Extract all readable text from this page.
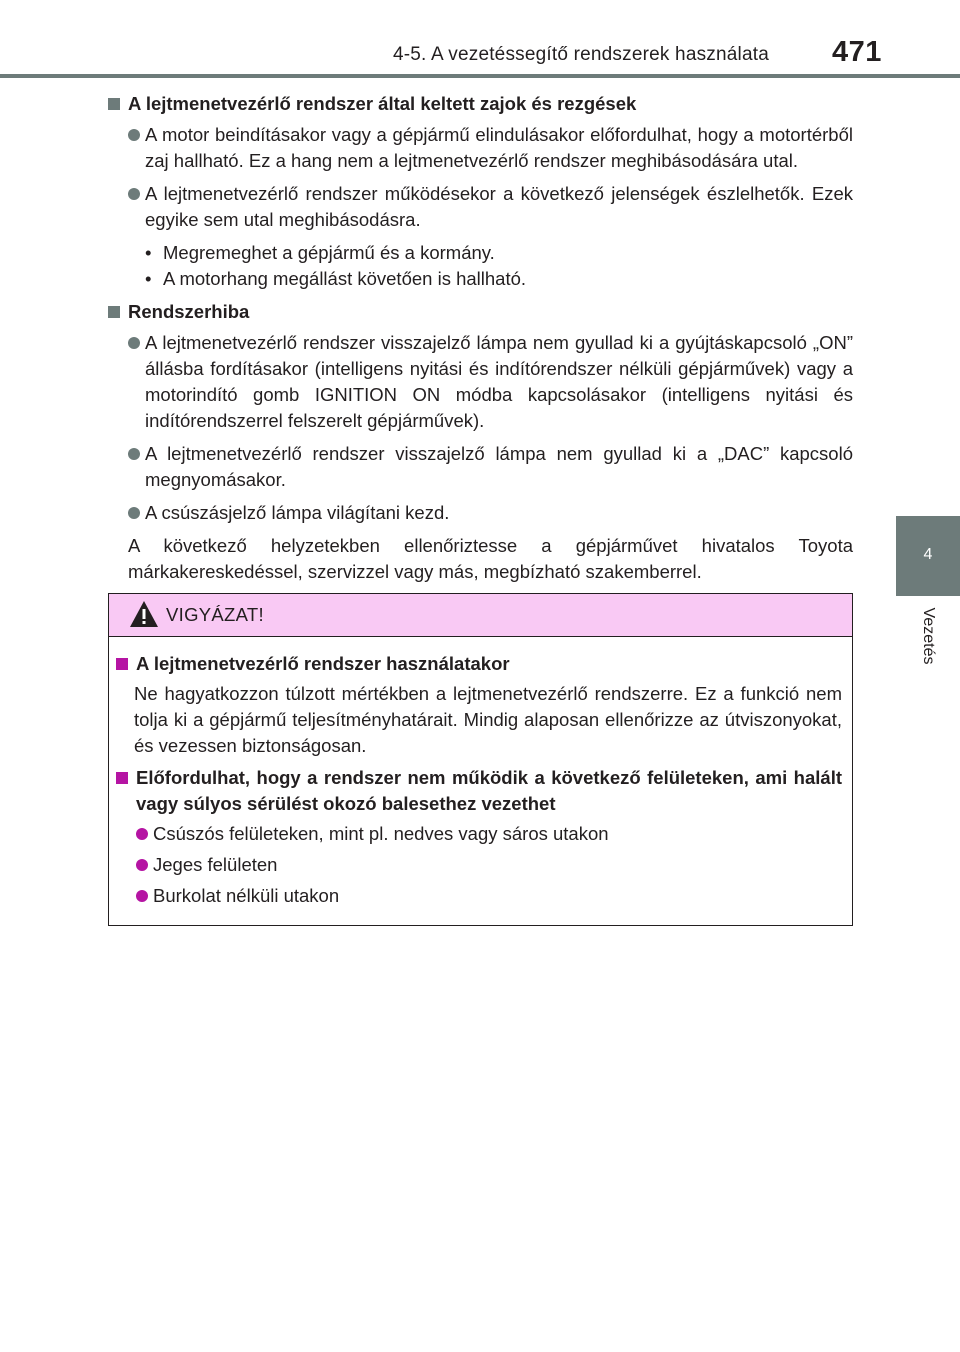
4-5. A vezetéssegítő rendszerek használata 471
4
Vezetés
A lejtmenetvezérlő rendszer által keltett zajok és rezgések
A motor beindításakor vagy a gépjármű elindulásakor előfordulhat, hogy a motortérből zaj hallható. Ez a hang nem a lejtmenetvezérlő rendszer meghibásodására utal.
A lejtmenetvezérlő rendszer működésekor a következő jelenségek észlelhetők. Ezek egyike sem utal meghibásodásra.
• Megremeghet a gépjármű és a kormány.
• A motorhang megállást követően is hallható.
Rendszerhiba
A lejtmenetvezérlő rendszer visszajelző lámpa nem gyullad ki a gyújtáskapcsoló „ON” állásba fordításakor (intelligens nyitási és indítórendszer nélküli gépjárművek) vagy a motorindító gomb IGNITION ON módba kapcsolásakor (intelligens nyitási és indítórendszerrel felszerelt gépjárművek).
A lejtmenetvezérlő rendszer visszajelző lámpa nem gyullad ki a „DAC” kapcsoló megnyomásakor.
A csúszásjelző lámpa világítani kezd.
A következő helyzetekben ellenőriztesse a gépjárművet hivatalos Toyota márkakereskedéssel, szervizzel vagy más, megbízható szakemberrel.
VIGYÁZAT!
A lejtmenetvezérlő rendszer használatakor
Ne hagyatkozzon túlzott mértékben a lejtmenetvezérlő rendszerre. Ez a funkció nem tolja ki a gépjármű teljesítményhatárait. Mindig alaposan ellenőrizze az útviszonyokat, és vezessen biztonságosan.
Előfordulhat, hogy a rendszer nem működik a következő felületeken, ami halált vagy súlyos sérülést okozó balesethez vezethet
Csúszós felületeken, mint pl. nedves vagy sáros utakon
Jeges felületen
Burkolat nélküli utakon
